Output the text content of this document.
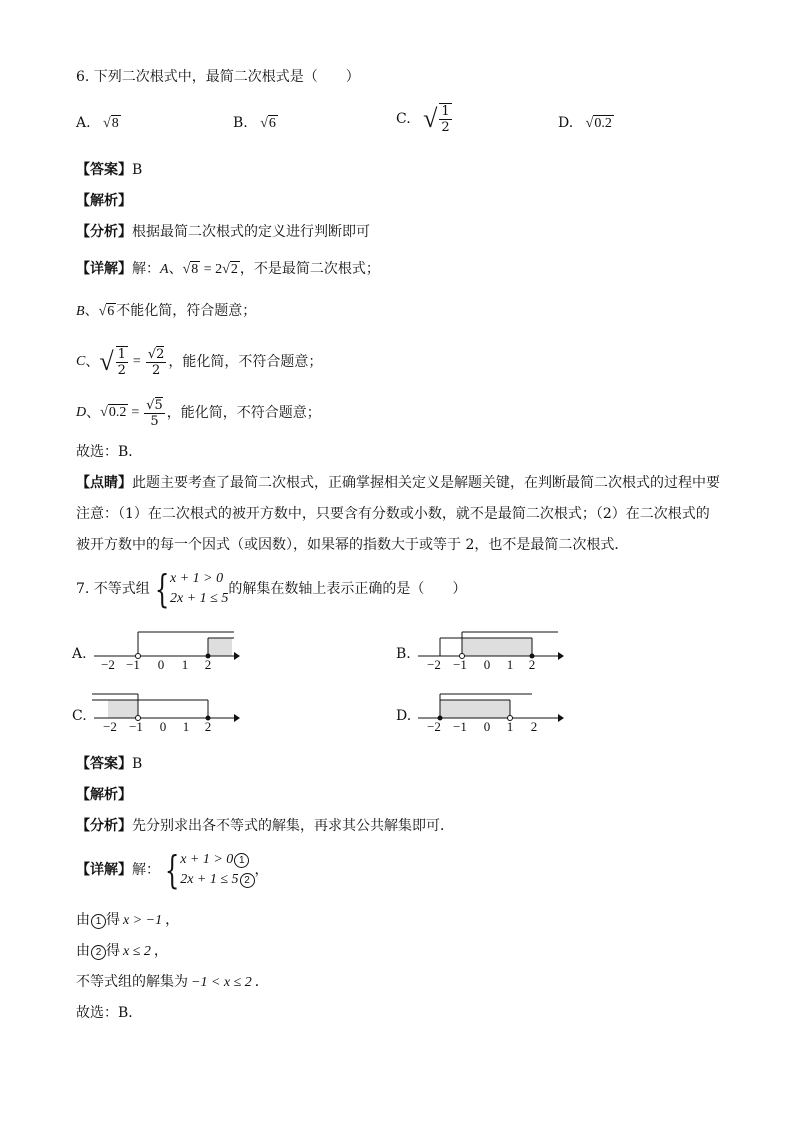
6. 下列二次根式中，最简二次根式是（　　）
A. √8	B. √6	C. √ $\frac{1}{2}$	D. √0.2
【答案】B
【解析】
【分析】根据最简二次根式的定义进行判断即可
【详解】解：A、√8 = 2√2 ，不是最简二次根式；
B、√6 不能化简，符合题意；
C、√ $\frac{1}{2} = \frac{√2}{2}$ ，能化简，不符合题意；
D、$√0.2 = \frac{√5}{5}$ ，能化简，不符合题意；
故选：B．
【点睛】此题主要考查了最简二次根式，正确掌握相关定义是解题关键，在判断最简二次根式的过程中要
注意：（1）在二次根式的被开方数中，只要含有分数或小数，就不是最简二次根式；（2）在二次根式的
被开方数中的每一个因式（或因数），如果幂的指数大于或等于 2，也不是最简二次根式．
7. 不等式组 { x + 1 > 0
2x + 1 ≤ 5
的解集在数轴上表示正确的是（　　）
A.
−2 −1 0 1 2
B.
−2 −1 0 1 2
C.
−2 −1 0 1 2
D.
−2 −1 0 1 2
【答案】B
【解析】
【分析】先分别求出各不等式的解集，再求其公共解集即可．
【详解】解： { x + 1 > 0 1
2x + 1 ≤ 5 2
，
由 1 得 x > −1 ，
由 2 得 x ≤ 2 ，
不等式组的解集为 −1 < x ≤ 2 ．
故选：B．
